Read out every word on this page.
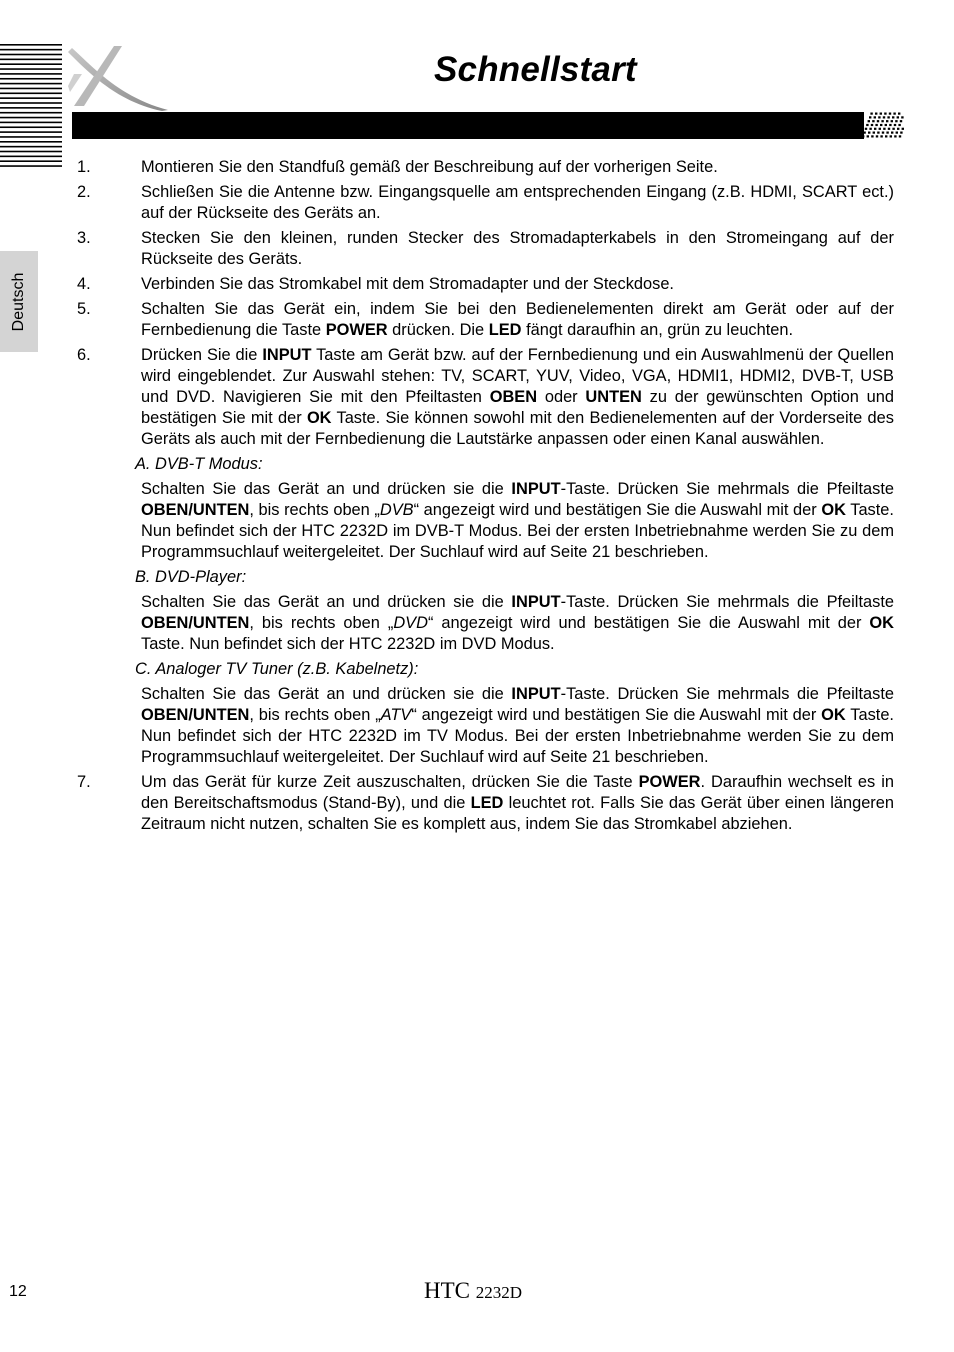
Schnellstart
Deutsch
1.	Montieren Sie den Standfuß gemäß der Beschreibung auf der vorherigen Seite.
2.	Schließen Sie die Antenne bzw. Eingangsquelle am entsprechenden Eingang (z.B. HDMI, SCART ect.) auf der Rückseite des Geräts an.
3.	Stecken Sie den kleinen, runden Stecker des Stromadapterkabels in den Stromeingang auf der Rückseite des Geräts.
4.	Verbinden Sie das Stromkabel mit dem Stromadapter und der Steckdose.
5.	Schalten Sie das Gerät ein, indem Sie bei den Bedienelementen direkt am Gerät oder auf der Fernbedienung die Taste POWER drücken. Die LED fängt daraufhin an, grün zu leuchten.
6.	Drücken Sie die INPUT Taste am Gerät bzw. auf der Fernbedienung und ein Auswahlmenü der Quellen wird eingeblendet. Zur Auswahl stehen: TV, SCART, YUV, Video, VGA, HDMI1, HDMI2, DVB-T, USB und DVD. Navigieren Sie mit den Pfeiltasten OBEN oder UNTEN zu der gewünschten Option und bestätigen Sie mit der OK Taste. Sie können sowohl mit den Bedienelementen auf der Vorderseite des Geräts als auch mit der Fernbedienung die Lautstärke anpassen oder einen Kanal auswählen.
A. DVB-T Modus:
Schalten Sie das Gerät an und drücken sie die INPUT-Taste. Drücken Sie mehrmals die Pfeiltaste OBEN/UNTEN, bis rechts oben „DVB“ angezeigt wird und bestätigen Sie die Auswahl mit der OK Taste. Nun befindet sich der HTC 2232D im DVB-T Modus. Bei der ersten Inbetriebnahme werden Sie zu dem Programmsuchlauf weitergeleitet. Der Suchlauf wird auf Seite 21 beschrieben.
B. DVD-Player:
Schalten Sie das Gerät an und drücken sie die INPUT-Taste. Drücken Sie mehrmals die Pfeiltaste OBEN/UNTEN, bis rechts oben „DVD“ angezeigt wird und bestätigen Sie die Auswahl mit der OK Taste. Nun befindet sich der HTC 2232D im DVD Modus.
C. Analoger TV Tuner (z.B. Kabelnetz):
Schalten Sie das Gerät an und drücken sie die INPUT-Taste. Drücken Sie mehrmals die Pfeiltaste OBEN/UNTEN, bis rechts oben „ATV“ angezeigt wird und bestätigen Sie die Auswahl mit der OK Taste. Nun befindet sich der HTC 2232D im TV Modus. Bei der ersten Inbetriebnahme werden Sie zu dem Programmsuchlauf weitergeleitet. Der Suchlauf wird auf Seite 21 beschrieben.
7.	Um das Gerät für kurze Zeit auszuschalten, drücken Sie die Taste POWER. Daraufhin wechselt es in den Bereitschaftsmodus (Stand-By), und die LED leuchtet rot. Falls Sie das Gerät über einen längeren Zeitraum nicht nutzen, schalten Sie es komplett aus, indem Sie das Stromkabel abziehen.
12	HTC 2232D
